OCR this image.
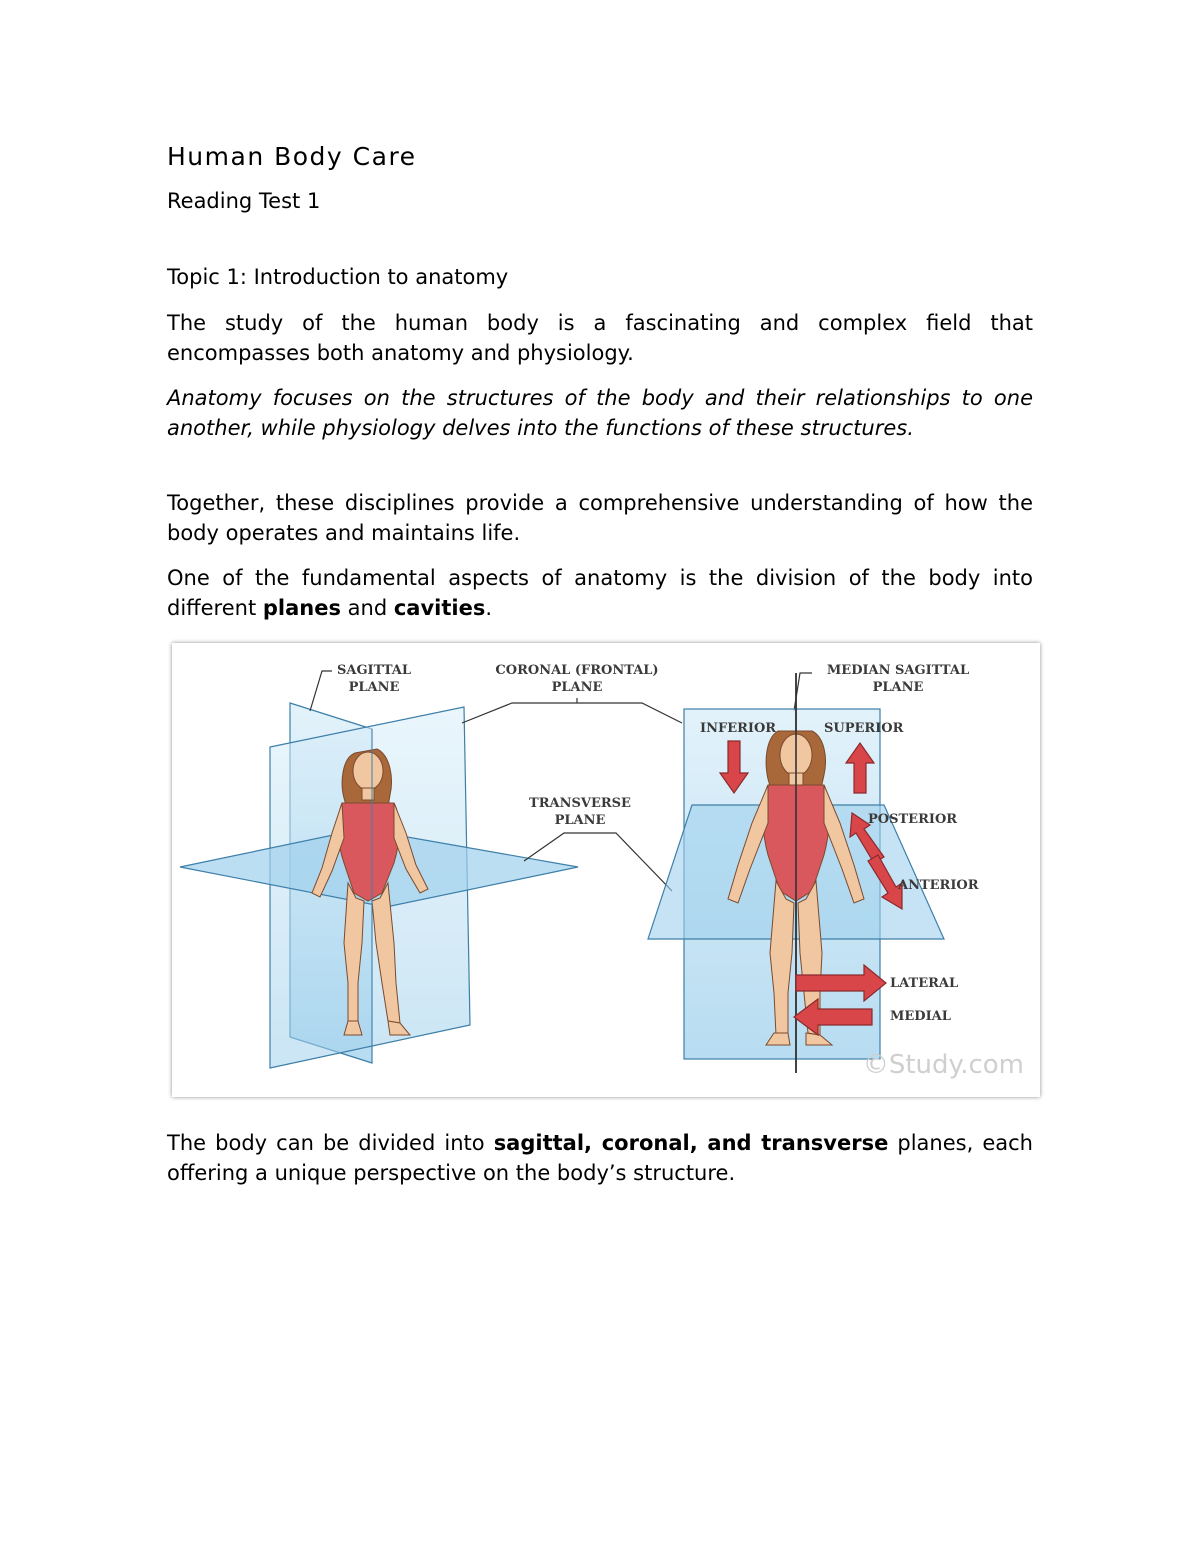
Human Body Care
Reading Test 1
Topic 1: Introduction to anatomy

The study of the human body is a fascinating and complex field that encompasses both anatomy and physiology.

Anatomy focuses on the structures of the body and their relationships to one another, while physiology delves into the functions of these structures.

Together, these disciplines provide a comprehensive understanding of how the body operates and maintains life.

One of the fundamental aspects of anatomy is the division of the body into different planes and cavities.

The body can be divided into sagittal, coronal, and transverse planes, each offering a unique perspective on the body’s structure.

SAGITTAL
PLANE
CORONAL (FRONTAL)
PLANE
MEDIAN SAGITTAL
PLANE
TRANSVERSE
PLANE
INFERIOR	SUPERIOR
POSTERIOR
ANTERIOR
LATERAL
MEDIAL
©Study.com
